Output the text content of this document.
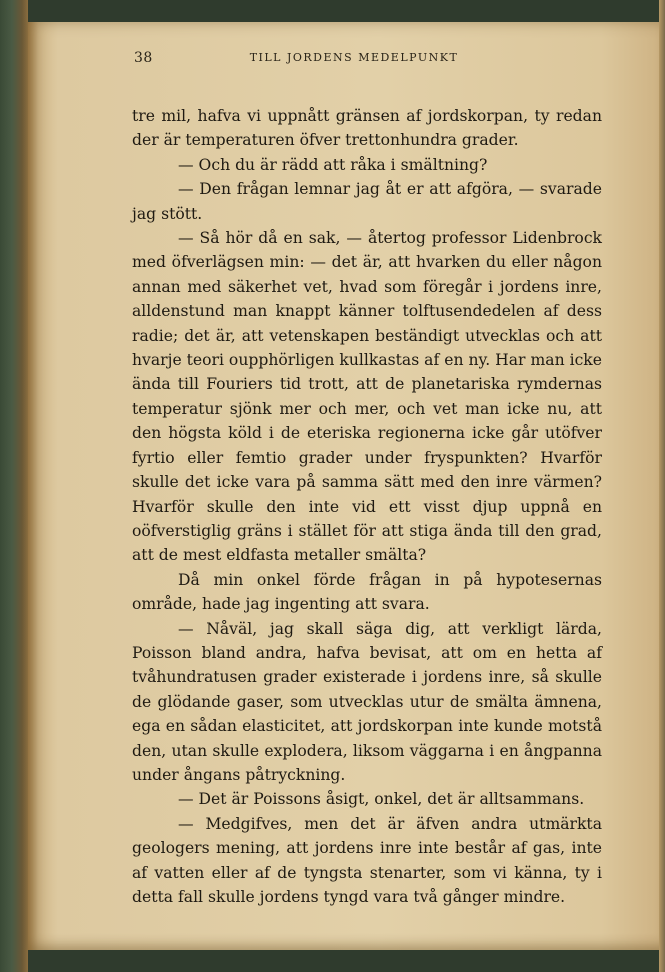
38	TILL JORDENS MEDELPUNKT

tre mil, hafva vi uppnått gränsen af jordskorpan, ty redan der är temperaturen öfver trettonhundra grader.

— Och du är rädd att råka i smältning?

— Den frågan lemnar jag åt er att afgöra, — svarade jag stött.

— Så hör då en sak, — återtog professor Lidenbrock med öfverlägsen min: — det är, att hvarken du eller någon annan med säkerhet vet, hvad som föregår i jordens inre, alldenstund man knappt känner tolftusendedelen af dess radie; det är, att vetenskapen beständigt utvecklas och att hvarje teori oupphörligen kullkastas af en ny. Har man icke ända till Fouriers tid trott, att de planetariska rymdernas temperatur sjönk mer och mer, och vet man icke nu, att den högsta köld i de eteriska regionerna icke går utöfver fyrtio eller femtio grader under fryspunkten? Hvarför skulle det icke vara på samma sätt med den inre värmen? Hvarför skulle den inte vid ett visst djup uppnå en oöfverstiglig gräns i stället för att stiga ända till den grad, att de mest eldfasta metaller smälta?

Då min onkel förde frågan in på hypotesernas område, hade jag ingenting att svara.

— Nåväl, jag skall säga dig, att verkligt lärda, Poisson bland andra, hafva bevisat, att om en hetta af tvåhundratusen grader existerade i jordens inre, så skulle de glödande gaser, som utvecklas utur de smälta ämnena, ega en sådan elasticitet, att jordskorpan inte kunde motstå den, utan skulle explodera, liksom väggarna i en ångpanna under ångans påtryckning.

— Det är Poissons åsigt, onkel, det är alltsammans.

— Medgifves, men det är äfven andra utmärkta geologers mening, att jordens inre inte består af gas, inte af vatten eller af de tyngsta stenarter, som vi känna, ty i detta fall skulle jordens tyngd vara två gånger mindre.
